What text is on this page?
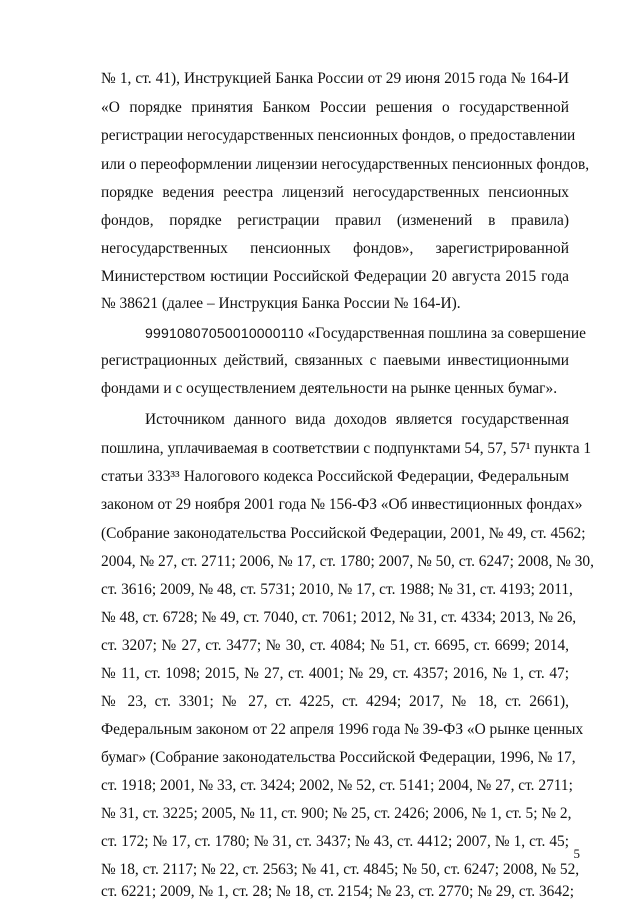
№ 1, ст. 41), Инструкцией Банка России от 29 июня 2015 года № 164-И
«О порядке принятия Банком России решения о государственной
регистрации негосударственных пенсионных фондов, о предоставлении
или о переоформлении лицензии негосударственных пенсионных фондов,
порядке ведения реестра лицензий негосударственных пенсионных
фондов, порядке регистрации правил (изменений в правила)
негосударственных пенсионных фондов», зарегистрированной
Министерством юстиции Российской Федерации 20 августа 2015 года
№ 38621 (далее – Инструкция Банка России № 164-И).
99910807050010000110 «Государственная пошлина за совершение
регистрационных действий, связанных с паевыми инвестиционными
фондами и с осуществлением деятельности на рынке ценных бумаг».
Источником данного вида доходов является государственная
пошлина, уплачиваемая в соответствии с подпунктами 54, 57, 57¹ пункта 1
статьи 333³³ Налогового кодекса Российской Федерации, Федеральным
законом от 29 ноября 2001 года № 156-ФЗ «Об инвестиционных фондах»
(Собрание законодательства Российской Федерации, 2001, № 49, ст. 4562;
2004, № 27, ст. 2711; 2006, № 17, ст. 1780; 2007, № 50, ст. 6247; 2008, № 30,
ст. 3616; 2009, № 48, ст. 5731; 2010, № 17, ст. 1988; № 31, ст. 4193; 2011,
№ 48, ст. 6728; № 49, ст. 7040, ст. 7061; 2012, № 31, ст. 4334; 2013, № 26,
ст. 3207; № 27, ст. 3477; № 30, ст. 4084; № 51, ст. 6695, ст. 6699; 2014,
№ 11, ст. 1098; 2015, № 27, ст. 4001; № 29, ст. 4357; 2016, № 1, ст. 47;
№ 23, ст. 3301; № 27, ст. 4225, ст. 4294; 2017, № 18, ст. 2661),
Федеральным законом от 22 апреля 1996 года № 39-ФЗ «О рынке ценных
бумаг» (Собрание законодательства Российской Федерации, 1996, № 17,
ст. 1918; 2001, № 33, ст. 3424; 2002, № 52, ст. 5141; 2004, № 27, ст. 2711;
№ 31, ст. 3225; 2005, № 11, ст. 900; № 25, ст. 2426; 2006, № 1, ст. 5; № 2,
ст. 172; № 17, ст. 1780; № 31, ст. 3437; № 43, ст. 4412; 2007, № 1, ст. 45;
№ 18, ст. 2117; № 22, ст. 2563; № 41, ст. 4845; № 50, ст. 6247; 2008, № 52,
ст. 6221; 2009, № 1, ст. 28; № 18, ст. 2154; № 23, ст. 2770; № 29, ст. 3642;
5
